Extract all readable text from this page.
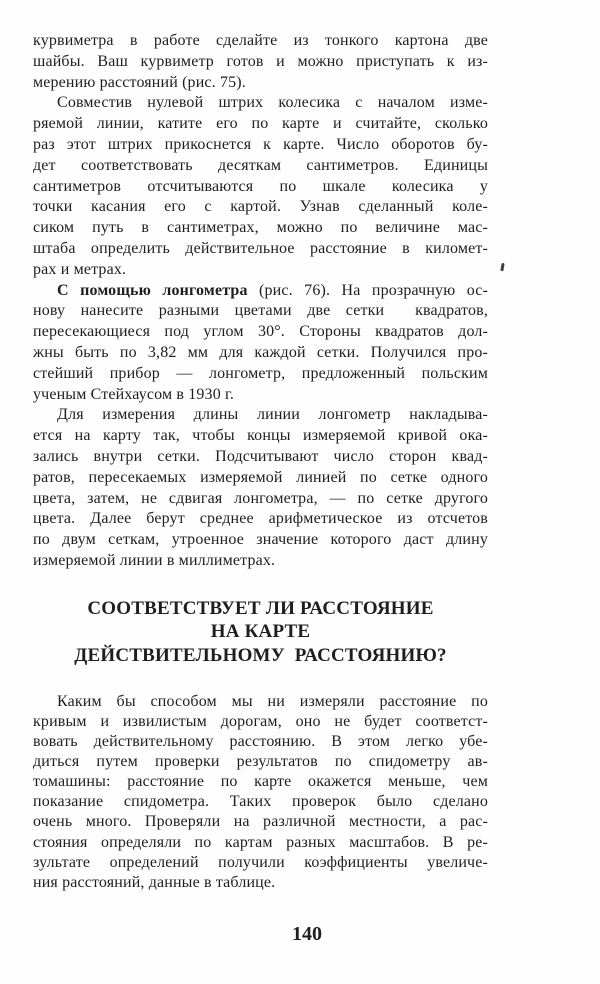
курвиметра в работе сделайте из тонкого картона две
шайбы. Ваш курвиметр готов и можно приступать к из-
мерению расстояний (рис. 75).
Совместив нулевой штрих колесика с началом изме-
ряемой линии, катите его по карте и считайте, сколько
раз этот штрих прикоснется к карте. Число оборотов бу-
дет соответствовать десяткам сантиметров. Единицы
сантиметров отсчитываются по шкале колесика у
точки касания его с картой. Узнав сделанный коле-
сиком путь в сантиметрах, можно по величине мас-
штаба определить действительное расстояние в километ-
рах и метрах.
С помощью лонгометра (рис. 76). На прозрачную ос-
нову нанесите разными цветами две сетки  квадратов,
пересекающиеся под углом 30°. Стороны квадратов дол-
жны быть по 3,82 мм для каждой сетки. Получился про-
стейший прибор — лонгометр, предложенный польским
ученым Стейхаусом в 1930 г.
Для измерения длины линии лонгометр накладыва-
ется на карту так, чтобы концы измеряемой кривой ока-
зались внутри сетки. Подсчитывают число сторон квад-
ратов, пересекаемых измеряемой линией по сетке одного
цвета, затем, не сдвигая лонгометра, — по сетке другого
цвета. Далее берут среднее арифметическое из отсчетов
по двум сеткам, утроенное значение которого даст длину
измеряемой линии в миллиметрах.
СООТВЕТСТВУЕТ ЛИ РАССТОЯНИЕ
НА КАРТЕ
ДЕЙСТВИТЕЛЬНОМУ  РАССТОЯНИЮ?
Каким бы способом мы ни измеряли расстояние по
кривым и извилистым дорогам, оно не будет соответст-
вовать действительному расстоянию. В этом легко убе-
диться путем проверки результатов по спидометру ав-
томашины: расстояние по карте окажется меньше, чем
показание спидометра. Таких проверок было сделано
очень много. Проверяли на различной местности, а рас-
стояния определяли по картам разных масштабов. В ре-
зультате определений получили коэффициенты увеличе-
ния расстояний, данные в таблице.
140
